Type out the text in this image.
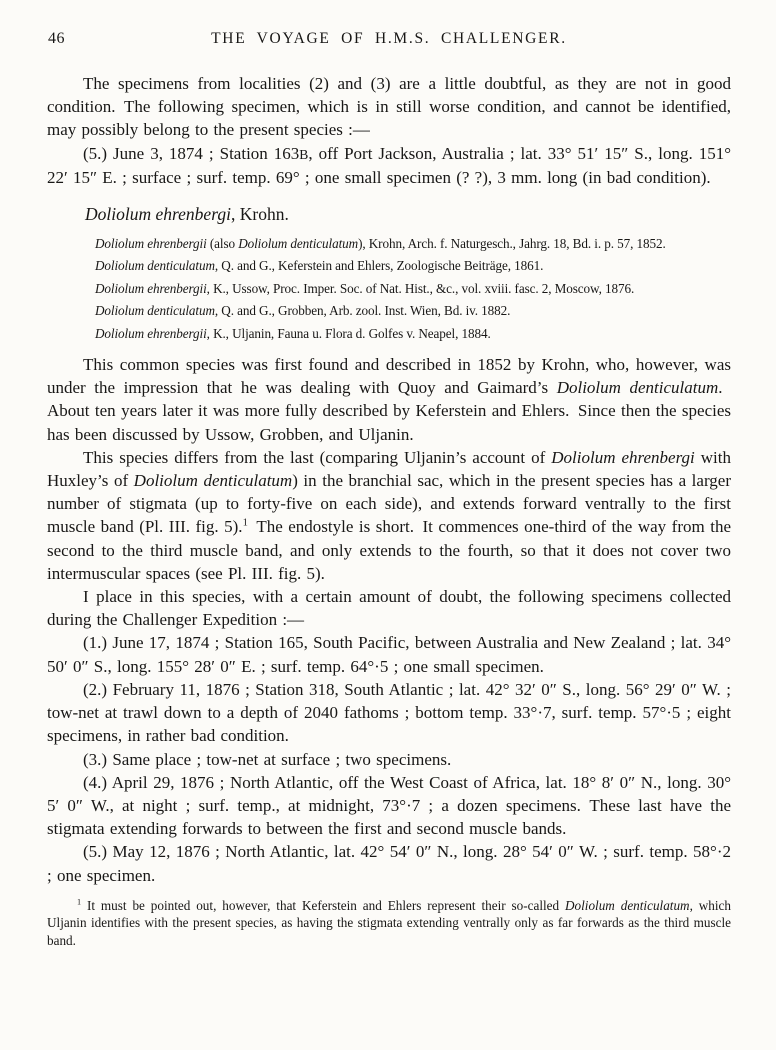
46	THE VOYAGE OF H.M.S. CHALLENGER.

The specimens from localities (2) and (3) are a little doubtful, as they are not in good condition. The following specimen, which is in still worse condition, and cannot be identified, may possibly belong to the present species :—

(5.) June 3, 1874 ; Station 163B, off Port Jackson, Australia ; lat. 33° 51′ 15″ S., long. 151° 22′ 15″ E. ; surface ; surf. temp. 69° ; one small specimen (? ?), 3 mm. long (in bad condition).

Doliolum ehrenbergi, Krohn.

Doliolum ehrenbergii (also Doliolum denticulatum), Krohn, Arch. f. Naturgesch., Jahrg. 18, Bd. i. p. 57, 1852.

Doliolum denticulatum, Q. and G., Keferstein and Ehlers, Zoologische Beiträge, 1861.

Doliolum ehrenbergii, K., Ussow, Proc. Imper. Soc. of Nat. Hist., &c., vol. xviii. fasc. 2, Moscow, 1876.

Doliolum denticulatum, Q. and G., Grobben, Arb. zool. Inst. Wien, Bd. iv. 1882.

Doliolum ehrenbergii, K., Uljanin, Fauna u. Flora d. Golfes v. Neapel, 1884.

This common species was first found and described in 1852 by Krohn, who, however, was under the impression that he was dealing with Quoy and Gaimard’s Doliolum denticulatum. About ten years later it was more fully described by Keferstein and Ehlers. Since then the species has been discussed by Ussow, Grobben, and Uljanin.

This species differs from the last (comparing Uljanin’s account of Doliolum ehrenbergi with Huxley’s of Doliolum denticulatum) in the branchial sac, which in the present species has a larger number of stigmata (up to forty-five on each side), and extends forward ventrally to the first muscle band (Pl. III. fig. 5).$^1$ The endostyle is short. It commences one-third of the way from the second to the third muscle band, and only extends to the fourth, so that it does not cover two intermuscular spaces (see Pl. III. fig. 5).

I place in this species, with a certain amount of doubt, the following specimens collected during the Challenger Expedition :—

(1.) June 17, 1874 ; Station 165, South Pacific, between Australia and New Zealand ; lat. 34° 50′ 0″ S., long. 155° 28′ 0″ E. ; surf. temp. 64°·5 ; one small specimen.

(2.) February 11, 1876 ; Station 318, South Atlantic ; lat. 42° 32′ 0″ S., long. 56° 29′ 0″ W. ; tow-net at trawl down to a depth of 2040 fathoms ; bottom temp. 33°·7, surf. temp. 57°·5 ; eight specimens, in rather bad condition.

(3.) Same place ; tow-net at surface ; two specimens.

(4.) April 29, 1876 ; North Atlantic, off the West Coast of Africa, lat. 18° 8′ 0″ N., long. 30° 5′ 0″ W., at night ; surf. temp., at midnight, 73°·7 ; a dozen specimens. These last have the stigmata extending forwards to between the first and second muscle bands.

(5.) May 12, 1876 ; North Atlantic, lat. 42° 54′ 0″ N., long. 28° 54′ 0″ W. ; surf. temp. 58°·2 ; one specimen.

$^1$ It must be pointed out, however, that Keferstein and Ehlers represent their so-called Doliolum denticulatum, which Uljanin identifies with the present species, as having the stigmata extending ventrally only as far forwards as the third muscle band.
